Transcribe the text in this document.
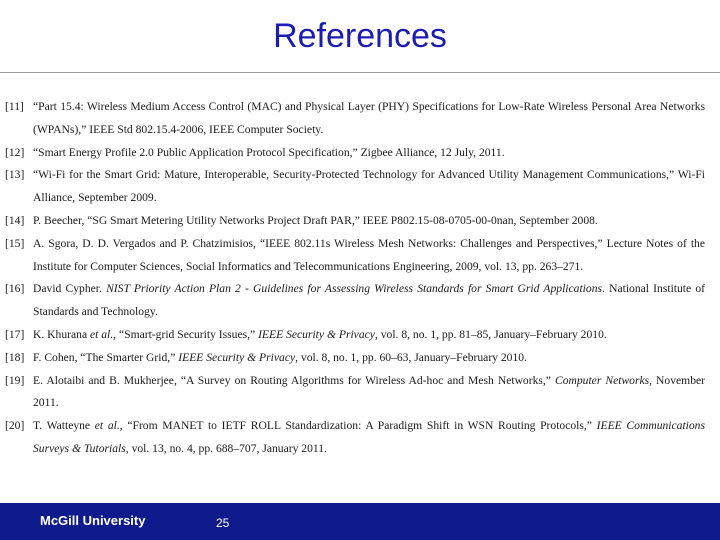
References
[11] “Part 15.4: Wireless Medium Access Control (MAC) and Physical Layer (PHY) Specifications for Low-Rate Wireless Personal Area Networks (WPANs),” IEEE Std 802.15.4-2006, IEEE Computer Society.
[12] “Smart Energy Profile 2.0 Public Application Protocol Specification,” Zigbee Alliance, 12 July, 2011.
[13] “Wi-Fi for the Smart Grid: Mature, Interoperable, Security-Protected Technology for Advanced Utility Management Communications,” Wi-Fi Alliance, September 2009.
[14] P. Beecher, “SG Smart Metering Utility Networks Project Draft PAR,” IEEE P802.15-08-0705-00-0nan, September 2008.
[15] A. Sgora, D. D. Vergados and P. Chatzimisios, “IEEE 802.11s Wireless Mesh Networks: Challenges and Perspectives,” Lecture Notes of the Institute for Computer Sciences, Social Informatics and Telecommunications Engineering, 2009, vol. 13, pp. 263–271.
[16] David Cypher. NIST Priority Action Plan 2 - Guidelines for Assessing Wireless Standards for Smart Grid Applications. National Institute of Standards and Technology.
[17] K. Khurana et al., “Smart-grid Security Issues,” IEEE Security & Privacy, vol. 8, no. 1, pp. 81–85, January–February 2010.
[18] F. Cohen, “The Smarter Grid,” IEEE Security & Privacy, vol. 8, no. 1, pp. 60–63, January–February 2010.
[19] E. Alotaibi and B. Mukherjee, “A Survey on Routing Algorithms for Wireless Ad-hoc and Mesh Networks,” Computer Networks, November 2011.
[20] T. Watteyne et al., “From MANET to IETF ROLL Standardization: A Paradigm Shift in WSN Routing Protocols,” IEEE Communications Surveys & Tutorials, vol. 13, no. 4, pp. 688–707, January 2011.
McGill University	25
